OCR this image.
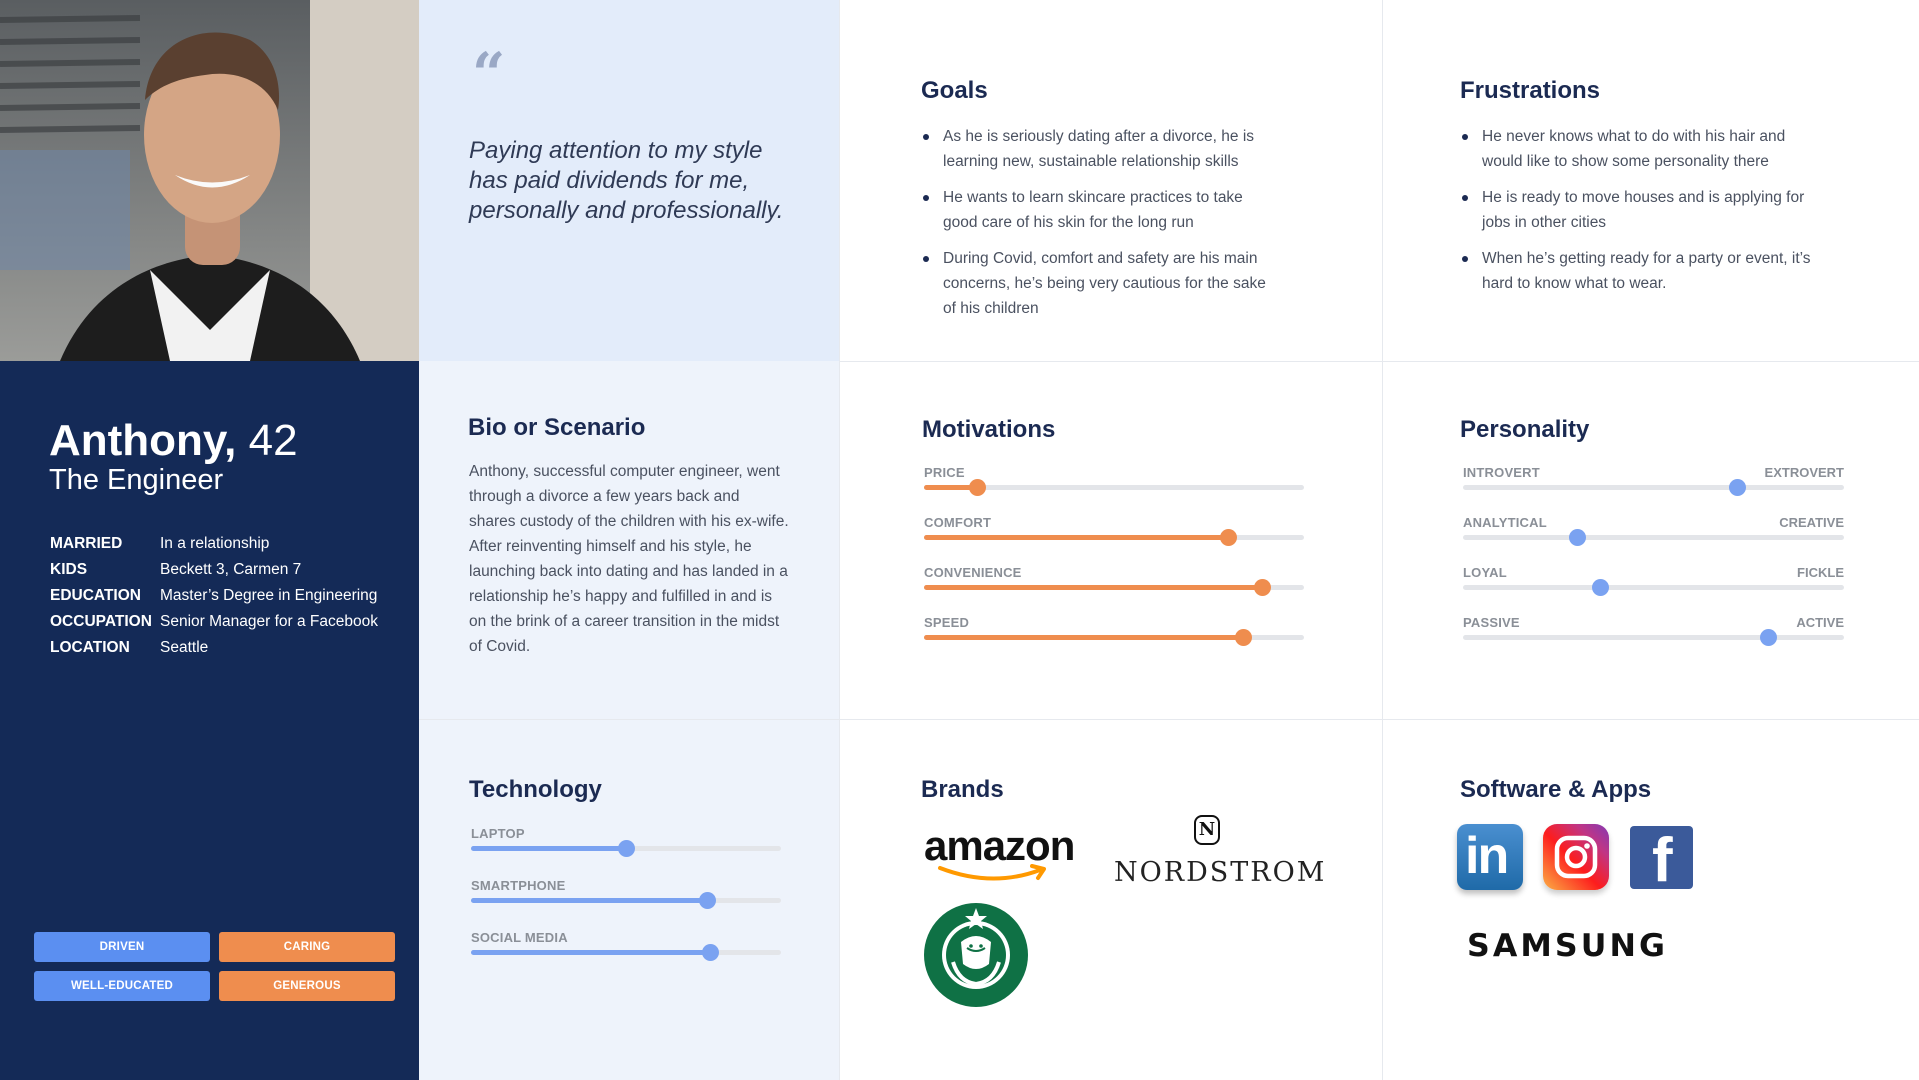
Anthony, 42
The Engineer
MARRIED	In a relationship
KIDS	Beckett 3, Carmen 7
EDUCATION	Master’s Degree in Engineering
OCCUPATION Senior Manager for a Facebook
LOCATION	Seattle
DRIVEN	CARING
WELL-EDUCATED	GENEROUS
“
Paying attention to my style has paid dividends for me, personally and professionally.
Goals
As he is seriously dating after a divorce, he is learning new, sustainable relationship skills
He wants to learn skincare practices to take good care of his skin for the long run
During Covid, comfort and safety are his main concerns, he’s being very cautious for the sake of his children
Frustrations
He never knows what to do with his hair and would like to show some personality there
He is ready to move houses and is applying for jobs in other cities
When he’s getting ready for a party or event, it’s hard to know what to wear.
Bio or Scenario
Anthony, successful computer engineer, went through a divorce a few years back and shares custody of the children with his ex-wife. After reinventing himself and his style, he launching back into dating and has landed in a relationship he’s happy and fulfilled in and is on the brink of a career transition in the midst of Covid.
Motivations
PRICE
COMFORT
CONVENIENCE
SPEED
Personality
INTROVERT	EXTROVERT
ANALYTICAL	CREATIVE
LOYAL	FICKLE
PASSIVE	ACTIVE
Technology
LAPTOP
SMARTPHONE
SOCIAL MEDIA
Brands
amazon	N
NORDSTROM
Software & Apps
in f
SAMSUNG
